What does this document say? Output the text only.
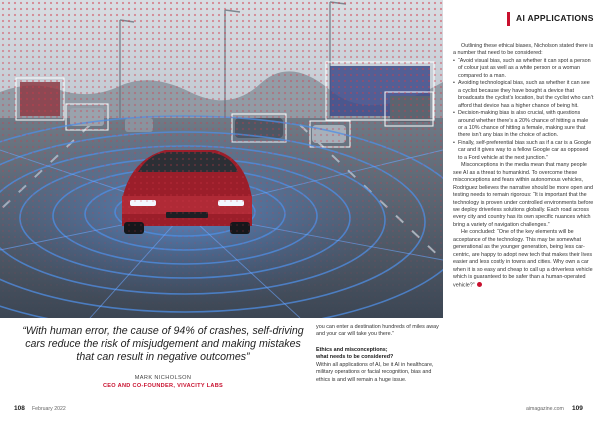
AI APPLICATIONS

Outlining these ethical biases, Nicholson stated there is a number that need to be considered:

• “Avoid visual bias, such as whether it can spot a person of colour just as well as a white person or a woman compared to a man.
• Avoiding technological bias, such as whether it can see a cyclist because they have bought a device that broadcasts the cyclist’s location, but the cyclist who can’t afford that device has a higher chance of being hit.
• Decision-making bias is also crucial, with questions around whether there’s a 20% chance of hitting a male or a 10% chance of hitting a female, making sure that there isn’t any bias in the choice of action.
• Finally, self-preferential bias such as if a car is a Google car and it gives way to a fellow Google car as opposed to a Ford vehicle at the next junction.”

Misconceptions in the media mean that many people see AI as a threat to humankind. To overcome these misconceptions and fears within autonomous vehicles, Rodriguez believes the narrative should be more open and testing needs to remain rigorous: “It is important that the technology is proven under controlled environments before we deploy driverless solutions globally. Each road across every city and country has its own specific nuances which bring a variety of navigation challenges.”

He concluded: “One of the key elements will be acceptance of the technology. This may be somewhat generational as the younger generation, being less car-centric, are happy to adopt new tech that makes their lives easier and less costly in towns and cities. Why own a car when it is so easy and cheap to call up a driverless vehicle which is guaranteed to be safer than a human-operated vehicle?”

“With human error, the cause of 94% of crashes, self-driving cars reduce the risk of misjudgement and making mistakes that can result in negative outcomes”
MARK NICHOLSON
CEO AND CO-FOUNDER, VIVACITY LABS

you can enter a destination hundreds of miles away and your car will take you there.”

Ethics and misconceptions;
what needs to be considered?

Within all applications of AI, be it AI in healthcare, military operations or facial recognition, bias and ethics is and will remain a huge issue.

108 February 2022	aimagazine.com 109
